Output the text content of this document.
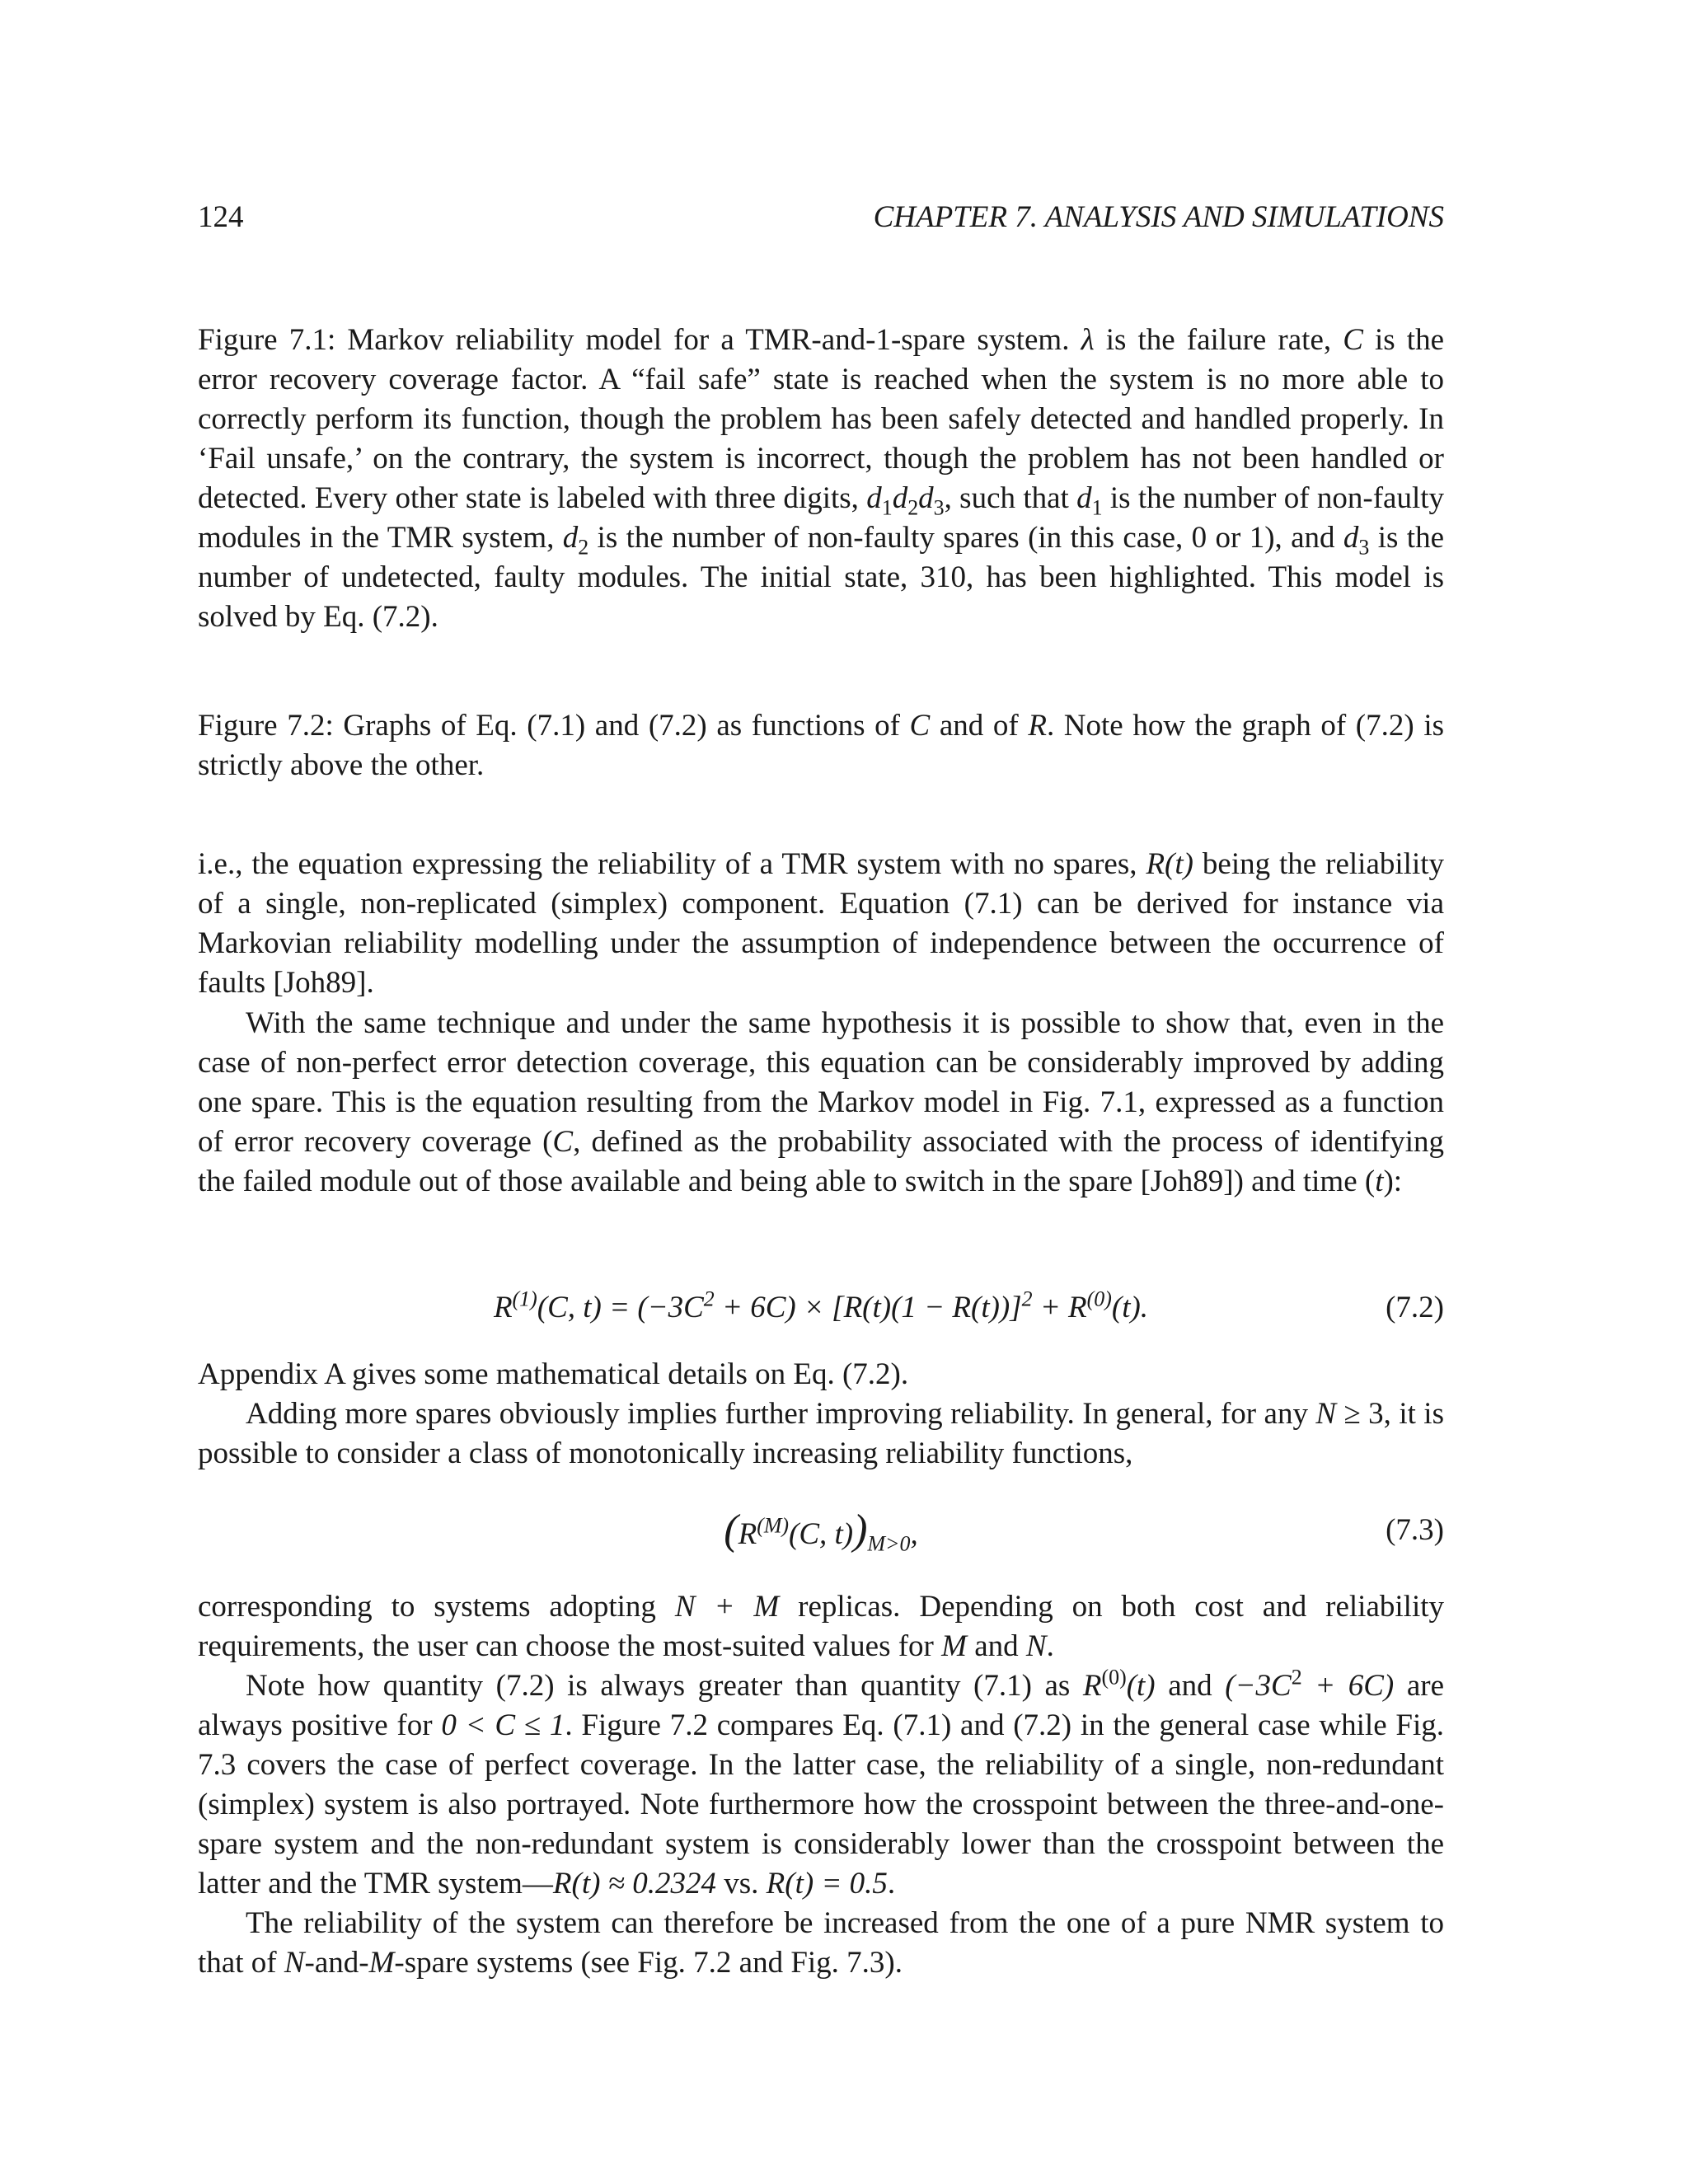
124	CHAPTER 7. ANALYSIS AND SIMULATIONS
Figure 7.1: Markov reliability model for a TMR-and-1-spare system. λ is the failure rate, C is the error recovery coverage factor. A “fail safe” state is reached when the system is no more able to correctly perform its function, though the problem has been safely detected and handled properly. In ‘Fail unsafe,’ on the contrary, the system is incorrect, though the problem has not been handled or detected. Every other state is labeled with three digits, $d_1d_2d_3$, such that $d_1$ is the number of non-faulty modules in the TMR system, $d_2$ is the number of non-faulty spares (in this case, 0 or 1), and $d_3$ is the number of undetected, faulty modules. The initial state, 310, has been highlighted. This model is solved by Eq. (7.2).
Figure 7.2: Graphs of Eq. (7.1) and (7.2) as functions of C and of R. Note how the graph of (7.2) is strictly above the other.
i.e., the equation expressing the reliability of a TMR system with no spares, R(t) being the reliability of a single, non-replicated (simplex) component. Equation (7.1) can be derived for instance via Markovian reliability modelling under the assumption of independence between the occurrence of faults [Joh89].
With the same technique and under the same hypothesis it is possible to show that, even in the case of non-perfect error detection coverage, this equation can be considerably improved by adding one spare. This is the equation resulting from the Markov model in Fig. 7.1, expressed as a function of error recovery coverage (C, defined as the probability associated with the process of identifying the failed module out of those available and being able to switch in the spare [Joh89]) and time (t):
$R^{(1)}(C$, $t) = (-3C^2 + 6C) \times [R(t)(1 - R(t))]^2 + R^{(0)}(t)$.	(7.2)
Appendix A gives some mathematical details on Eq. (7.2).
Adding more spares obviously implies further improving reliability. In general, for any N ≥ 3, it is possible to consider a class of monotonically increasing reliability functions,
($R^{(M)}(C$, $t))_{M>0}$,	(7.3)
corresponding to systems adopting N + M replicas. Depending on both cost and reliability requirements, the user can choose the most-suited values for M and N.
Note how quantity (7.2) is always greater than quantity (7.1) as $R^{(0)}(t)$ and $(-3C^2 + 6C)$ are always positive for 0 < C ≤ 1. Figure 7.2 compares Eq. (7.1) and (7.2) in the general case while Fig. 7.3 covers the case of perfect coverage. In the latter case, the reliability of a single, non-redundant (simplex) system is also portrayed. Note furthermore how the crosspoint between the three-and-one-spare system and the non-redundant system is considerably lower than the crosspoint between the latter and the TMR system—R(t) ≈ 0.2324 vs. R(t) = 0.5.
The reliability of the system can therefore be increased from the one of a pure NMR system to that of N-and-M-spare systems (see Fig. 7.2 and Fig. 7.3).
